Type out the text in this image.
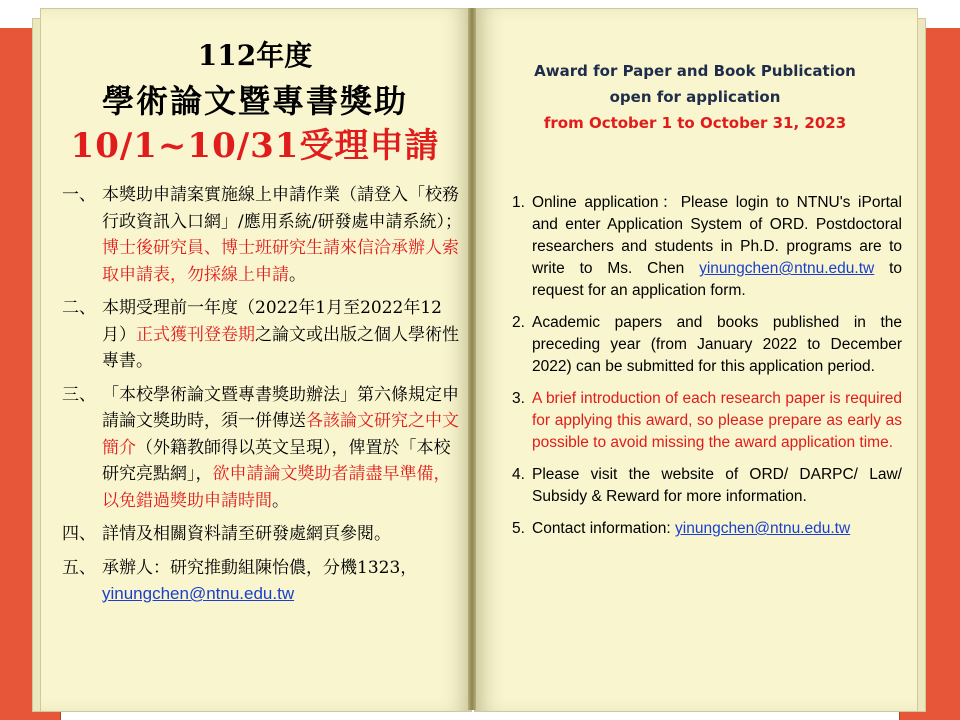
112年度
學術論文暨專書獎助
10/1~10/31受理申請
一、 本獎助申請案實施線上申請作業（請登入「校務行政資訊入口網」/應用系統/研發處申請系統）；博士後研究員、博士班研究生請來信洽承辦人索取申請表，勿採線上申請。
二、 本期受理前一年度（2022年1月至2022年12月）正式獲刊登卷期之論文或出版之個人學術性專書。
三、 「本校學術論文暨專書獎助辦法」第六條規定申請論文獎助時，須一併傳送各該論文研究之中文簡介（外籍教師得以英文呈現），俾置於「本校研究亮點網」，欲申請論文獎助者請盡早準備，以免錯過獎助申請時間。
四、 詳情及相關資料請至研發處網頁參閱。
五、 承辦人：研究推動組陳怡儂，分機1323，yinungchen@ntnu.edu.tw
Award for Paper and Book Publication
open for application
from October 1 to October 31, 2023
1. Online application：Please login to NTNU's iPortal and enter Application System of ORD. Postdoctoral researchers and students in Ph.D. programs are to write to Ms. Chen yinungchen@ntnu.edu.tw to request for an application form.
2. Academic papers and books published in the preceding year (from January 2022 to December 2022) can be submitted for this application period.
3. A brief introduction of each research paper is required for applying this award, so please prepare as early as possible to avoid missing the award application time.
4. Please visit the website of ORD/ DARPC/ Law/ Subsidy & Reward for more information.
5. Contact information: yinungchen@ntnu.edu.tw
